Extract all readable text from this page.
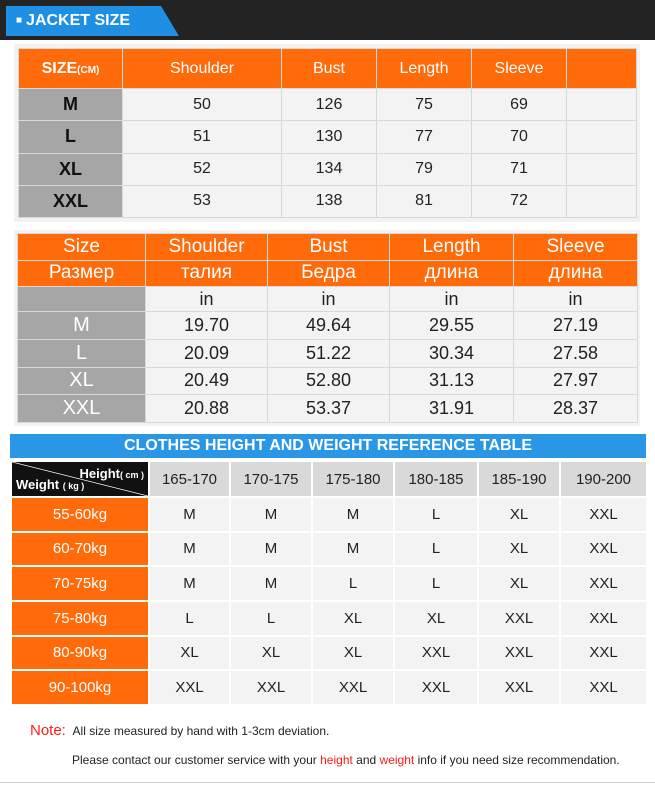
■ JACKET SIZE
SIZE(CM)	Shoulder	Bust	Length	Sleeve	
M	50	126	75	69	
L	51	130	77	70	
XL	52	134	79	71	
XXL	53	138	81	72	
Size	Shoulder	Bust	Length	Sleeve
Размер	талия	Бедра	длина	длина
	in	in	in	in
M	19.70	49.64	29.55	27.19
L	20.09	51.22	30.34	27.58
XL	20.49	52.80	31.13	27.97
XXL	20.88	53.37	31.91	28.37
CLOTHES HEIGHT AND WEIGHT REFERENCE TABLE
Height( cm )
Weight ( kg )	165-170	170-175	175-180	180-185	185-190	190-200
55-60kg	M	M	M	L	XL	XXL
60-70kg	M	M	M	L	XL	XXL
70-75kg	M	M	L	L	XL	XXL
75-80kg	L	L	XL	XL	XXL	XXL
80-90kg	XL	XL	XL	XXL	XXL	XXL
90-100kg	XXL	XXL	XXL	XXL	XXL	XXL
Note: All size measured by hand with 1-3cm deviation.
Please contact our customer service with your height and weight info if you need size recommendation.
